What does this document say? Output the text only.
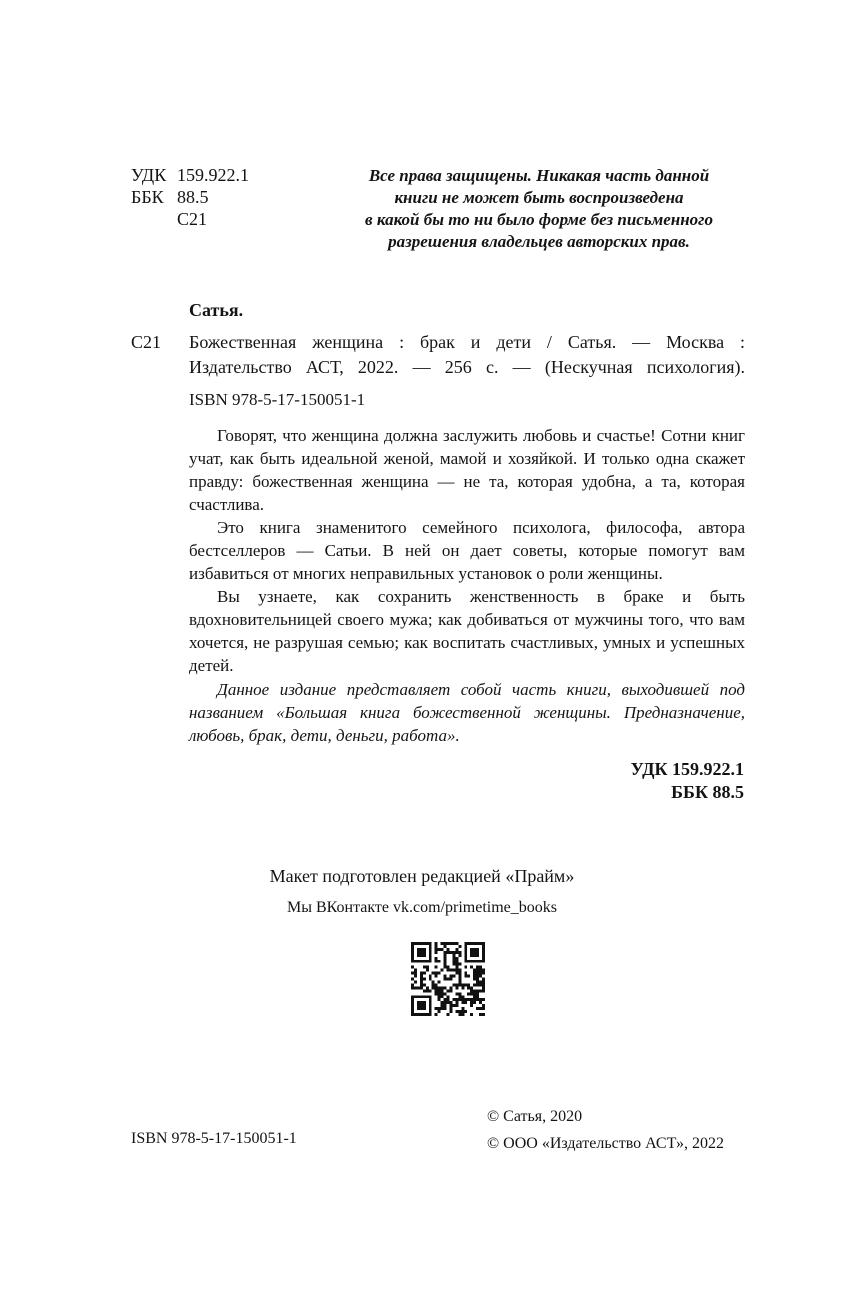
УДК 159.922.1
ББК 88.5
С21
Все права защищены. Никакая часть данной
книги не может быть воспроизведена
в какой бы то ни было форме без письменного
разрешения владельцев авторских прав.
Сатья.
С21 Божественная женщина : брак и дети / Сатья. — Москва :
Издательство АСТ, 2022. — 256 с. — (Нескучная психология).
ISBN 978-5-17-150051-1

Говорят, что женщина должна заслужить любовь и счастье! Сотни книг учат, как быть идеальной женой, мамой и хозяйкой. И только одна скажет правду: божественная женщина — не та, которая удобна, а та, которая счастлива.

Это книга знаменитого семейного психолога, философа, автора бестселлеров — Сатьи. В ней он дает советы, которые помогут вам избавиться от многих неправильных установок о роли женщины.

Вы узнаете, как сохранить женственность в браке и быть вдохновительницей своего мужа; как добиваться от мужчины того, что вам хочется, не разрушая семью; как воспитать счастливых, умных и успешных детей.

Данное издание представляет собой часть книги, выходившей под названием «Большая книга божественной женщины. Предназначение, любовь, брак, дети, деньги, работа».

УДК 159.922.1
ББК 88.5
Макет подготовлен редакцией «Прайм»
Мы ВКонтакте vk.com/primetime_books
ISBN 978-5-17-150051-1
© Сатья, 2020
© ООО «Издательство АСТ», 2022
